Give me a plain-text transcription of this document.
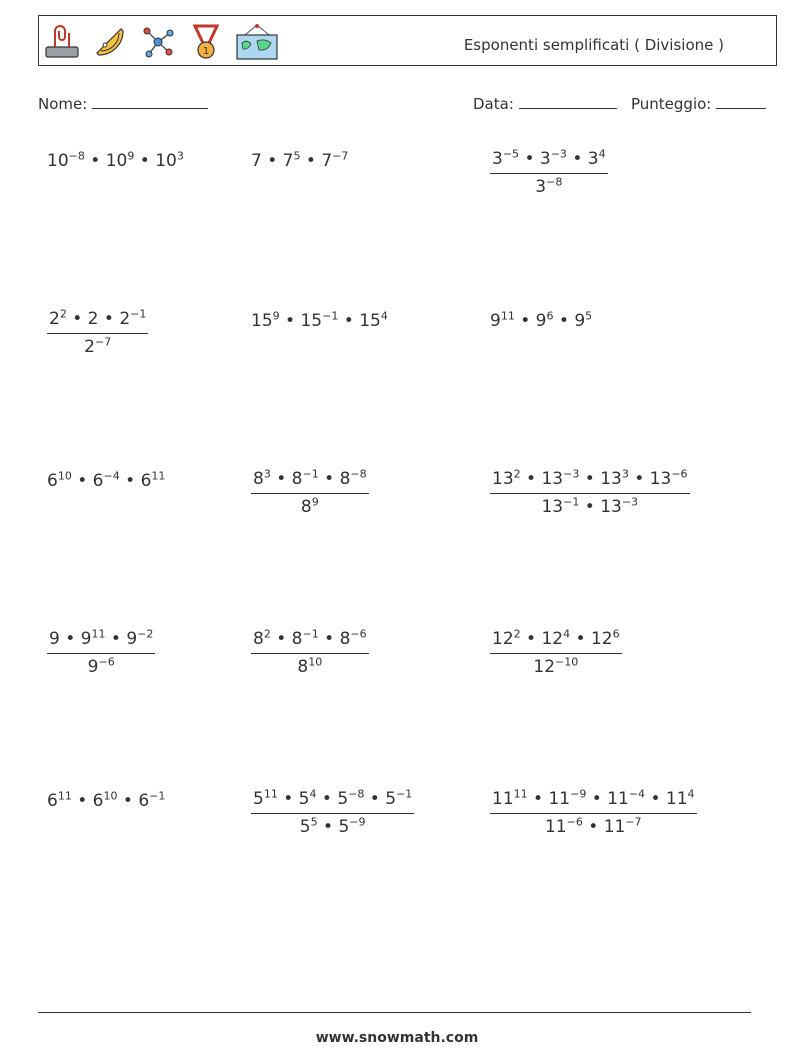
1	Esponenti semplificati ( Divisione )
Nome:	Data:	Punteggio:
$10^{-8}$ • $10^9$ • $10^3$	7 • $7^5$ • $7^{-7}$	$\frac{3^{-5} • 3^{-3} • 3^4}{3^{-8}}$
$\frac{2^2 • 2 • 2^{-1}}{2^{-7}}$	$15^9$ • $15^{-1}$ • $15^4$	$9^{11}$ • $9^6$ • $9^5$
$6^{10}$ • $6^{-4}$ • $6^{11}$	$\frac{8^3 • 8^{-1} • 8^{-8}}{8^9}$	$\frac{13^2 • 13^{-3} • 13^3 • 13^{-6}}{13^{-1} • 13^{-3}}$
$\frac{9 • 9^{11} • 9^{-2}}{9^{-6}}$	$\frac{8^2 • 8^{-1} • 8^{-6}}{8^{10}}$	$\frac{12^2 • 12^4 • 12^6}{12^{-10}}$
$6^{11}$ • $6^{10}$ • $6^{-1}$	$\frac{5^{11} • 5^4 • 5^{-8} • 5^{-1}}{5^5 • 5^{-9}}$	$\frac{11^{11} • 11^{-9} • 11^{-4} • 11^4}{11^{-6} • 11^{-7}}$
www.snowmath.com
